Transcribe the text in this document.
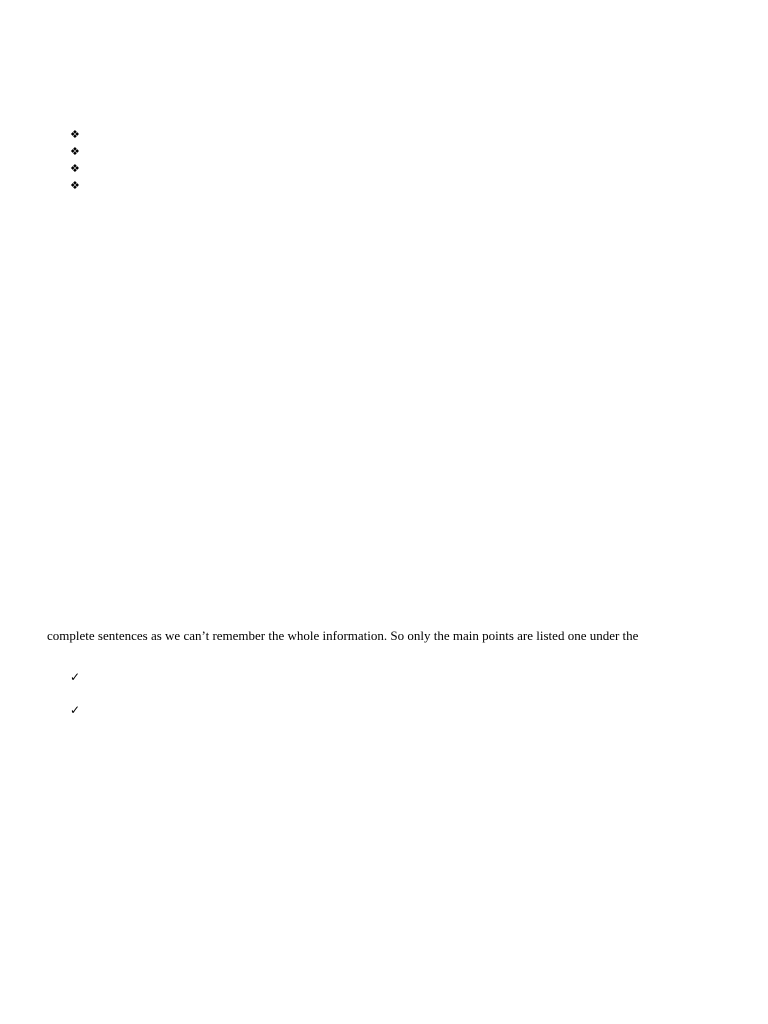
❖
❖
❖
❖

complete sentences as we can’t remember the whole information. So only the main points are listed one under the

✓
✓
